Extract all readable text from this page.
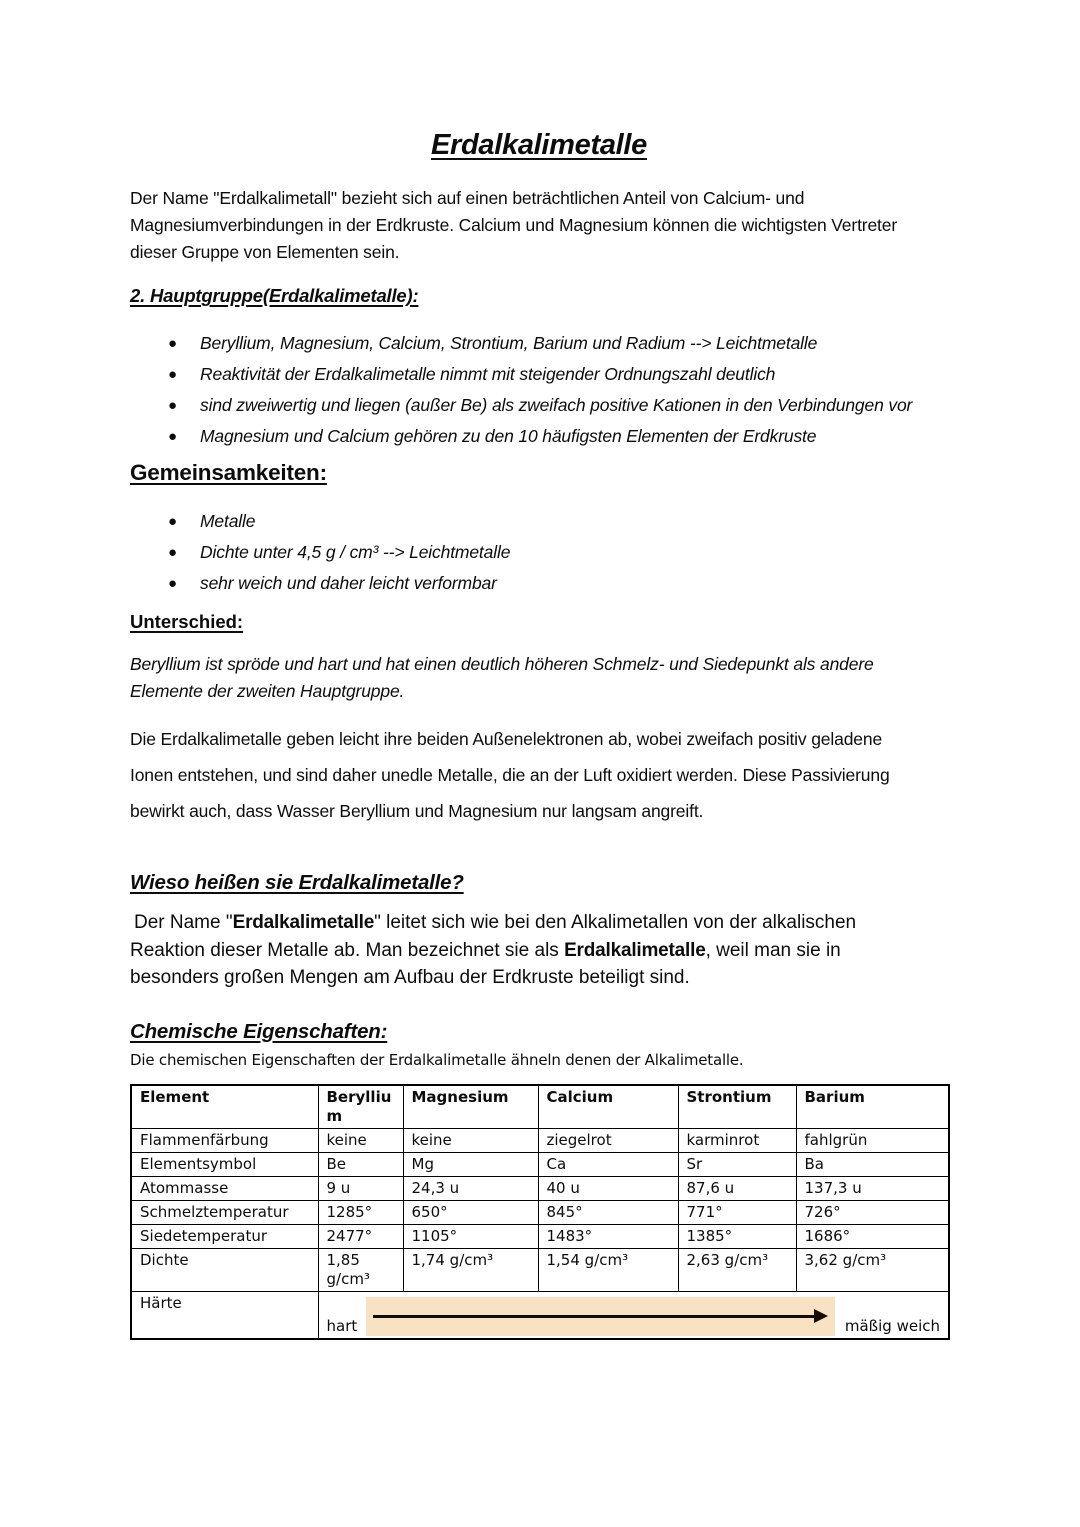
Erdalkalimetalle

Der Name "Erdalkalimetall" bezieht sich auf einen beträchtlichen Anteil von Calcium- und Magnesiumverbindungen in der Erdkruste. Calcium und Magnesium können die wichtigsten Vertreter dieser Gruppe von Elementen sein.

2. Hauptgruppe(Erdalkalimetalle):
●	Beryllium, Magnesium, Calcium, Strontium, Barium und Radium --> Leichtmetalle
●	Reaktivität der Erdalkalimetalle nimmt mit steigender Ordnungszahl deutlich
●	sind zweiwertig und liegen (außer Be) als zweifach positive Kationen in den Verbindungen vor
●	Magnesium und Calcium gehören zu den 10 häufigsten Elementen der Erdkruste
Gemeinsamkeiten:
●	Metalle
●	Dichte unter 4,5 g / cm³ --> Leichtmetalle
●	sehr weich und daher leicht verformbar
Unterschied:

Beryllium ist spröde und hart und hat einen deutlich höheren Schmelz- und Siedepunkt als andere Elemente der zweiten Hauptgruppe.

Die Erdalkalimetalle geben leicht ihre beiden Außenelektronen ab, wobei zweifach positiv geladene Ionen entstehen, und sind daher unedle Metalle, die an der Luft oxidiert werden. Diese Passivierung bewirkt auch, dass Wasser Beryllium und Magnesium nur langsam angreift.

Wieso heißen sie Erdalkalimetalle?

Der Name "Erdalkalimetalle" leitet sich wie bei den Alkalimetallen von der alkalischen Reaktion dieser Metalle ab. Man bezeichnet sie als Erdalkalimetalle, weil man sie in besonders großen Mengen am Aufbau der Erdkruste beteiligt sind.

Chemische Eigenschaften:
Die chemischen Eigenschaften der Erdalkalimetalle ähneln denen der Alkalimetalle.
Element	Beryllium	Magnesium	Calcium	Strontium	Barium
Flammenfärbung	keine	keine	ziegelrot	karminrot	fahlgrün
Elementsymbol	Be	Mg	Ca	Sr	Ba
Atommasse	9 u	24,3 u	40 u	87,6 u	137,3 u
Schmelztemperatur	1285°	650°	845°	771°	726°
Siedetemperatur	2477°	1105°	1483°	1385°	1686°
Dichte	1,85 g/cm³	1,74 g/cm³	1,54 g/cm³	2,63 g/cm³	3,62 g/cm³
Härte	hart mäßig weich				
